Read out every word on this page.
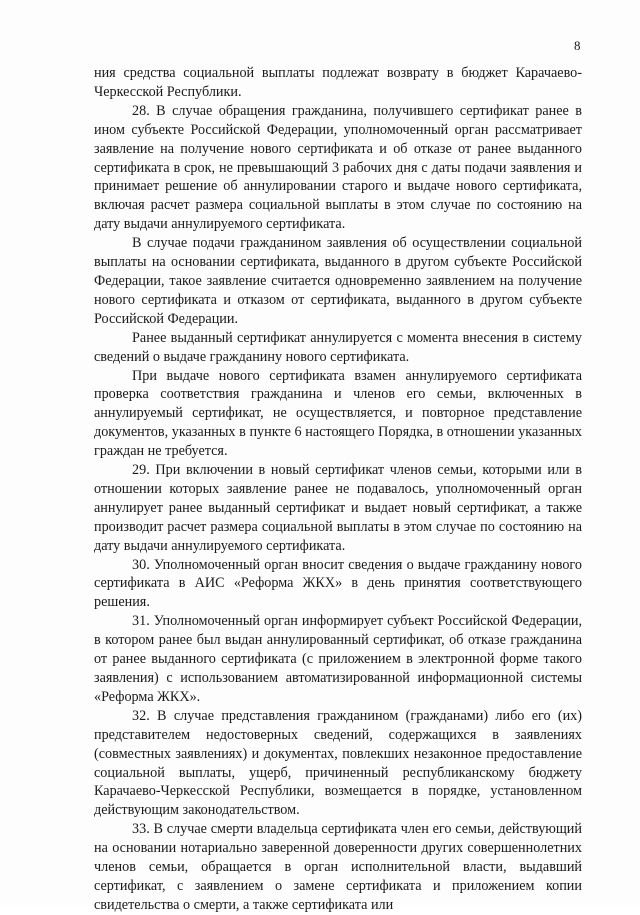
8

ния средства социальной выплаты подлежат возврату в бюджет Карачаево-Черкесской Республики.

28. В случае обращения гражданина, получившего сертификат ранее в ином субъекте Российской Федерации, уполномоченный орган рассматривает заявление на получение нового сертификата и об отказе от ранее выданного сертификата в срок, не превышающий 3 рабочих дня с даты подачи заявления и принимает решение об аннулировании старого и выдаче нового сертификата, включая расчет размера социальной выплаты в этом случае по состоянию на дату выдачи аннулируемого сертификата.

В случае подачи гражданином заявления об осуществлении социальной выплаты на основании сертификата, выданного в другом субъекте Российской Федерации, такое заявление считается одновременно заявлением на получение нового сертификата и отказом от сертификата, выданного в другом субъекте Российской Федерации.

Ранее выданный сертификат аннулируется с момента внесения в систему сведений о выдаче гражданину нового сертификата.

При выдаче нового сертификата взамен аннулируемого сертификата проверка соответствия гражданина и членов его семьи, включенных в аннулируемый сертификат, не осуществляется, и повторное представление документов, указанных в пункте 6 настоящего Порядка, в отношении указанных граждан не требуется.

29. При включении в новый сертификат членов семьи, которыми или в отношении которых заявление ранее не подавалось, уполномоченный орган аннулирует ранее выданный сертификат и выдает новый сертификат, а также производит расчет размера социальной выплаты в этом случае по состоянию на дату выдачи аннулируемого сертификата.

30. Уполномоченный орган вносит сведения о выдаче гражданину нового сертификата в АИС «Реформа ЖКХ» в день принятия соответствующего решения.

31. Уполномоченный орган информирует субъект Российской Федерации, в котором ранее был выдан аннулированный сертификат, об отказе гражданина от ранее выданного сертификата (с приложением в электронной форме такого заявления) с использованием автоматизированной информационной системы «Реформа ЖКХ».

32. В случае представления гражданином (гражданами) либо его (их) представителем недостоверных сведений, содержащихся в заявлениях (совместных заявлениях) и документах, повлекших незаконное предоставление социальной выплаты, ущерб, причиненный республиканскому бюджету Карачаево-Черкесской Республики, возмещается в порядке, установленном действующим законодательством.

33. В случае смерти владельца сертификата член его семьи, действующий на основании нотариально заверенной доверенности других совершеннолетних членов семьи, обращается в орган исполнительной власти, выдавший сертификат, с заявлением о замене сертификата и приложением копии свидетельства о смерти, а также сертификата или
